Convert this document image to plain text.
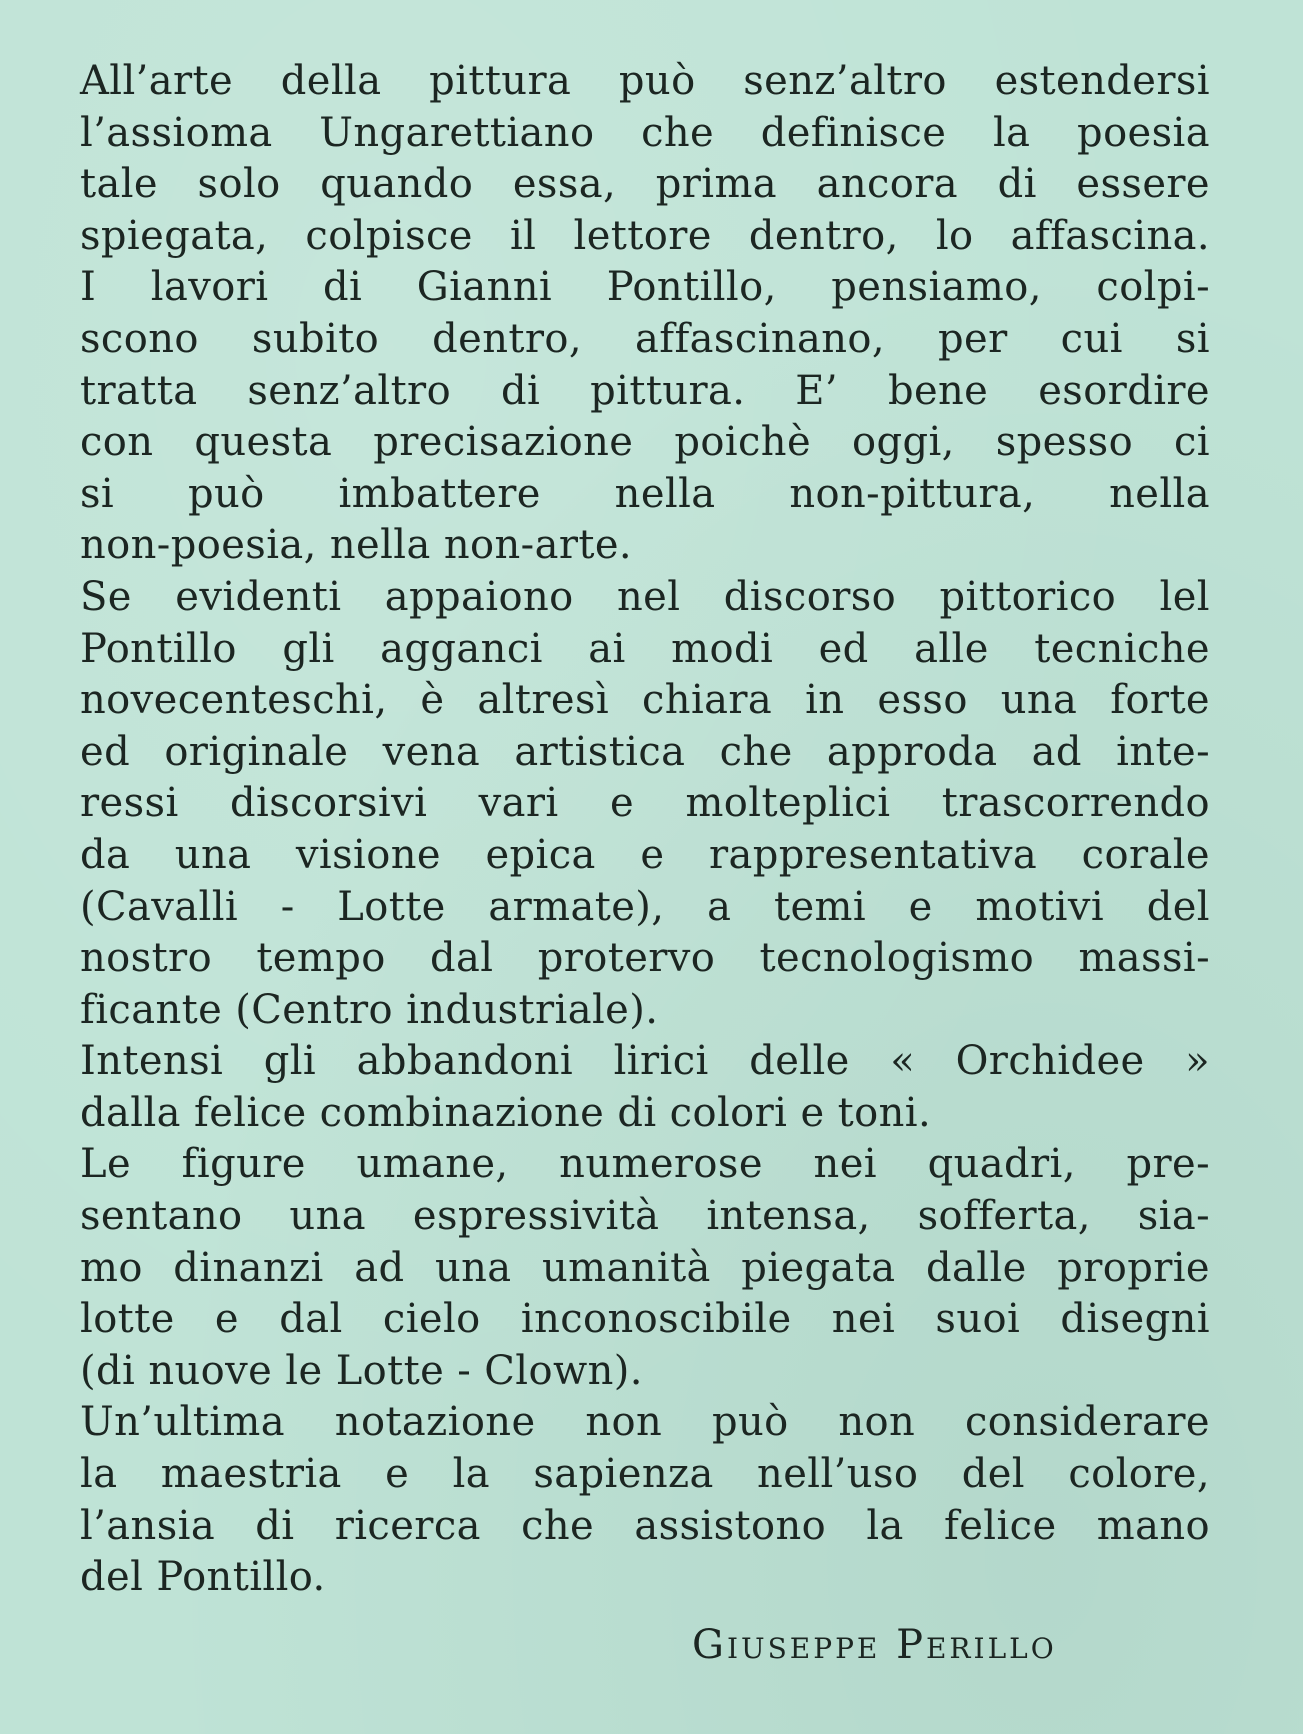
All’arte della pittura può senz’altro estendersi
l’assioma Ungarettiano che definisce la poesia
tale solo quando essa, prima ancora di essere
spiegata, colpisce il lettore dentro, lo affascina.
I lavori di Gianni Pontillo, pensiamo, colpi-
scono subito dentro, affascinano, per cui si
tratta senz’altro di pittura. E’ bene esordire
con questa precisazione poichè oggi, spesso ci
si può imbattere nella non-pittura, nella
non-poesia, nella non-arte.
Se evidenti appaiono nel discorso pittorico lel
Pontillo gli agganci ai modi ed alle tecniche
novecenteschi, è altresì chiara in esso una forte
ed originale vena artistica che approda ad inte-
ressi discorsivi vari e molteplici trascorrendo
da una visione epica e rappresentativa corale
(Cavalli - Lotte armate), a temi e motivi del
nostro tempo dal protervo tecnologismo massi-
ficante (Centro industriale).
Intensi gli abbandoni lirici delle « Orchidee »
dalla felice combinazione di colori e toni.
Le figure umane, numerose nei quadri, pre-
sentano una espressività intensa, sofferta, sia-
mo dinanzi ad una umanità piegata dalle proprie
lotte e dal cielo inconoscibile nei suoi disegni
(di nuove le Lotte - Clown).
Un’ultima notazione non può non considerare
la maestria e la sapienza nell’uso del colore,
l’ansia di ricerca che assistono la felice mano
del Pontillo.
Giuseppe Perillo
